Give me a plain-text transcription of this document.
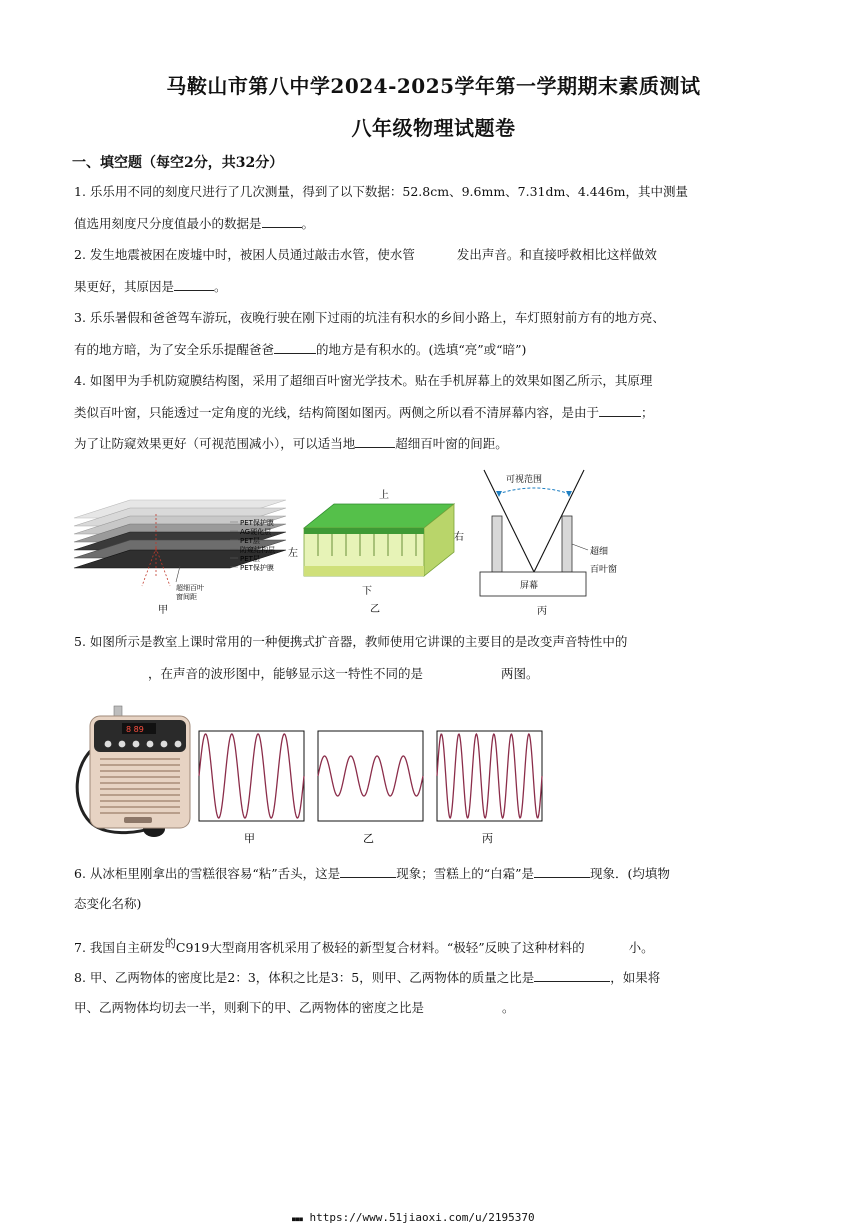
马鞍山市第八中学2024-2025学年第一学期期末素质测试
八年级物理试题卷
一、填空题（每空2分，共32分）
1. 乐乐用不同的刻度尺进行了几次测量，得到了以下数据：52.8cm、9.6mm、7.31dm、4.446m，其中测量
值选用刻度尺分度值最小的数据是	。
2. 发生地震被困在废墟中时，被困人员通过敲击水管，使水管	发出声音。和直接呼救相比这样做效
果更好，其原因是	。
3. 乐乐暑假和爸爸驾车游玩，夜晚行驶在刚下过雨的坑洼有积水的乡间小路上，车灯照射前方有的地方亮、
有的地方暗，为了安全乐乐提醒爸爸	的地方是有积水的。(选填“亮”或“暗”)
4. 如图甲为手机防窥膜结构图，采用了超细百叶窗光学技术。贴在手机屏幕上的效果如图乙所示，其原理
类似百叶窗，只能透过一定角度的光线，结构简图如图丙。两侧之所以看不清屏幕内容，是由于	；
为了让防窥效果更好（可视范围减小），可以适当地	超细百叶窗的间距。
PET保护膜
AG硬化层
PET层
防窥结构层
PET层
PET保护膜
超细百叶
窗间距
甲
上
左
右
下
乙
可视范围
屏幕
超细
百叶窗
丙
5. 如图所示是教室上课时常用的一种便携式扩音器，教师使用它讲课的主要目的是改变声音特性中的
，在声音的波形图中，能够显示这一特性不同的是	两图。
8 89
甲	乙	丙
6. 从冰柜里刚拿出的雪糕很容易“粘”舌头，这是	现象；雪糕上的“白霜”是	现象．(均填物
态变化名称)
7. 我国自主研发$^的$C919大型商用客机采用了极轻的新型复合材料。“极轻”反映了这种材料的	小。
8. 甲、乙两物体的密度比是2：3，体积之比是3：5，则甲、乙两物体的质量之比是	，如果将
甲、乙两物体均切去一半，则剩下的甲、乙两物体的密度之比是	。
■■■ https://www.51jiaoxi.com/u/2195370
